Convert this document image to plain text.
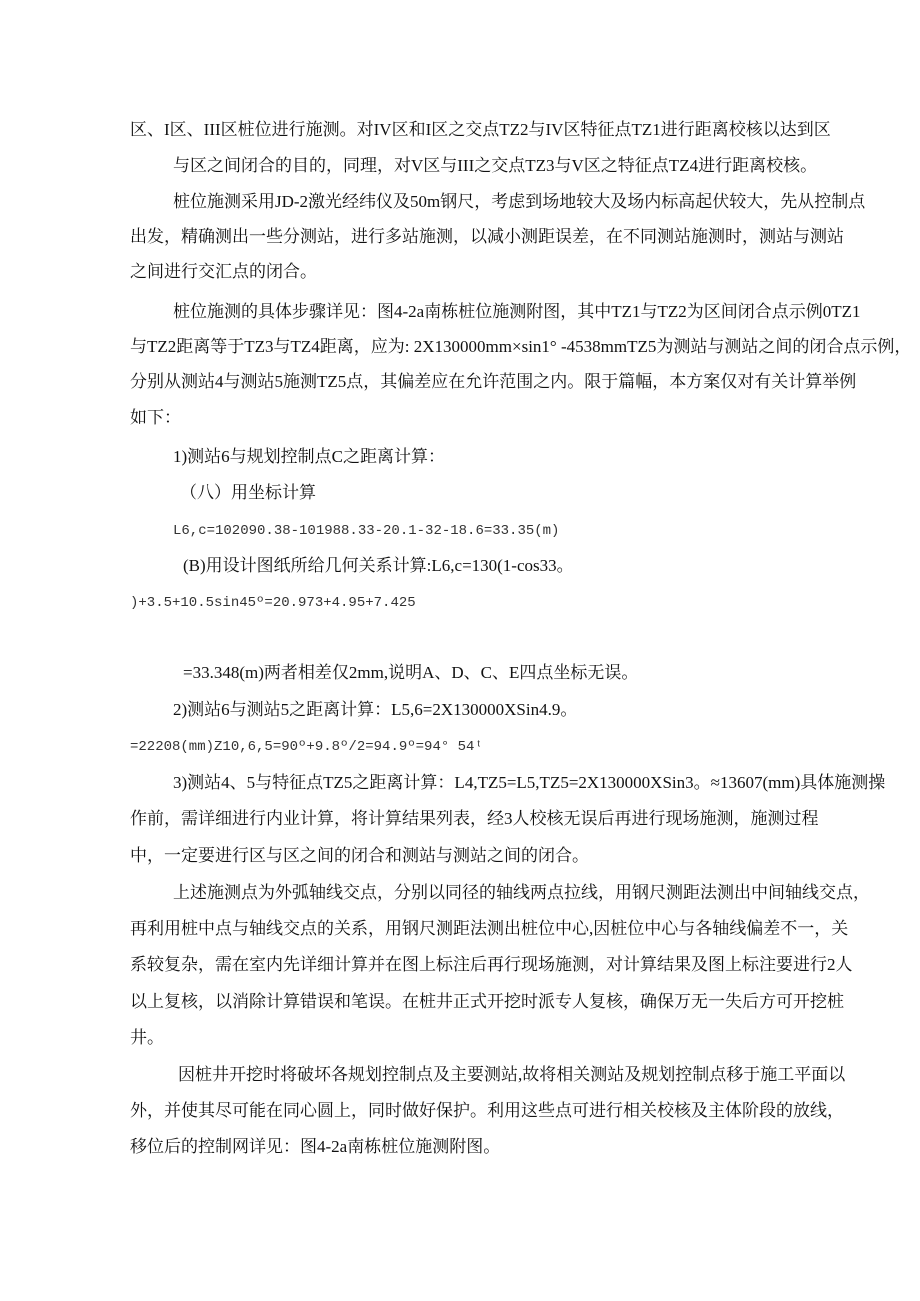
区、I区、III区桩位进行施测。对IV区和I区之交点TZ2与IV区特征点TZ1进行距离校核以达到区
与区之间闭合的目的，同理，对V区与III之交点TZ3与V区之特征点TZ4进行距离校核。
桩位施测采用JD-2激光经纬仪及50m钢尺，考虑到场地较大及场内标高起伏较大，先从控制点
出发，精确测出一些分测站，进行多站施测，以减小测距误差，在不同测站施测时，测站与测站
之间进行交汇点的闭合。
桩位施测的具体步骤详见：图4-2a南栋桩位施测附图，其中TZ1与TZ2为区间闭合点示例0TZ1
与TZ2距离等于TZ3与TZ4距离，应为: 2X130000mm×sin1° -4538mmTZ5为测站与测站之间的闭合点示例，
分别从测站4与测站5施测TZ5点，其偏差应在允许范围之内。限于篇幅，本方案仅对有关计算举例
如下：
1)测站6与规划控制点C之距离计算：
（八）用坐标计算
L6,c=102090.38-101988.33-20.1-32-18.6=33.35(m)
(B)用设计图纸所给几何关系计算:L6,c=130(1-cos33。
)+3.5+10.5sin45º=20.973+4.95+7.425
=33.348(m)两者相差仅2mm,说明A、D、C、E四点坐标无误。
2)测站6与测站5之距离计算：L5,6=2X130000XSin4.9。
=22208(mm)Z10,6,5=90º+9.8º/2=94.9º=94° 54ᵗ
3)测站4、5与特征点TZ5之距离计算：L4,TZ5=L5,TZ5=2X130000XSin3。≈13607(mm)具体施测操
作前，需详细进行内业计算，将计算结果列表，经3人校核无误后再进行现场施测，施测过程
中，一定要进行区与区之间的闭合和测站与测站之间的闭合。
上述施测点为外弧轴线交点，分别以同径的轴线两点拉线，用钢尺测距法测出中间轴线交点，
再利用桩中点与轴线交点的关系，用钢尺测距法测出桩位中心,因桩位中心与各轴线偏差不一，关
系较复杂，需在室内先详细计算并在图上标注后再行现场施测，对计算结果及图上标注要进行2人
以上复核，以消除计算错误和笔误。在桩井正式开挖时派专人复核，确保万无一失后方可开挖桩
井。
因桩井开挖时将破坏各规划控制点及主要测站,故将相关测站及规划控制点移于施工平面以
外，并使其尽可能在同心圆上，同时做好保护。利用这些点可进行相关校核及主体阶段的放线，
移位后的控制网详见：图4-2a南栋桩位施测附图。
